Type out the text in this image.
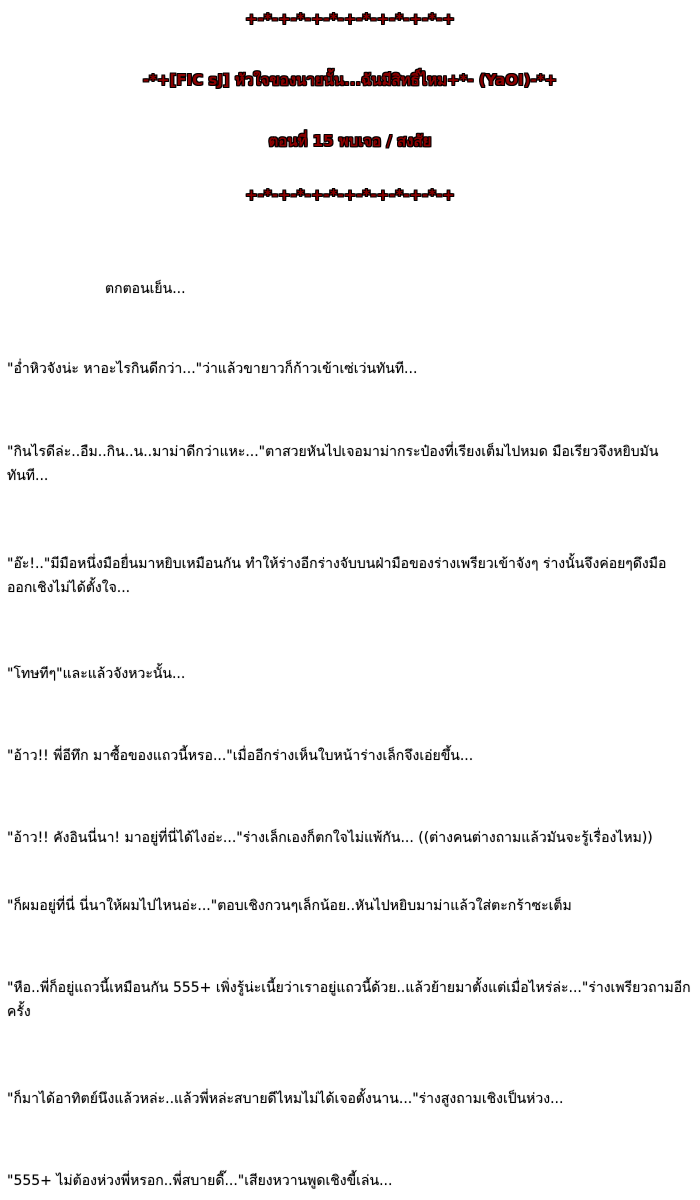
+-*-+-*-+-*-+-*-+-*-+-*-+
-*+[FIC sJ] หัวใจของนายนั้น...ฉันมีสิทธิ์ไหม+*- (YaOI)-*+
ตอนที่ 15 พบเจอ / สงสัย
+-*-+-*-+-*-+-*-+-*-+-*-+
ตกตอนเย็น...
"อ่ำหิวจังน่ะ หาอะไรกินดีกว่า..."ว่าแล้วขายาวก็ก้าวเข้าเซ่เว่นทันที...
"กินไรดีล่ะ..อืม..กิน..น..มาม่าดีกว่าแหะ..."ตาสวยหันไปเจอมาม่ากระป๋องที่เรียงเต็มไปหมด มือเรียวจึงหยิบมันทันที...
"อ๊ะ!.."มีมือหนึ่งมือยื่นมาหยิบเหมือนกัน ทำให้ร่างอีกร่างจับบนฝ่ามือของร่างเพรียวเข้าจังๆ ร่างนั้นจึงค่อยๆดึงมือออกเชิงไม่ได้ตั้งใจ...
"โทษทีๆ"และแล้วจังหวะนั้น...
"อ้าว!! พี่อีทึก มาซื้อของแถวนี้หรอ..."เมื่ออีกร่างเห็นใบหน้าร่างเล็กจึงเอ่ยขึ้น...
"อ้าว!! คังอินนี่นา! มาอยู่ที่นี่ได้ไงอ่ะ..."ร่างเล็กเองก็ตกใจไม่แพ้กัน... ((ต่างคนต่างถามแล้วมันจะรู้เรื่องไหม))
"ก็ผมอยู่ที่นี่ นี่นาให้ผมไปไหนอ่ะ..."ตอบเชิงกวนๆเล็กน้อย..หันไปหยิบมาม่าแล้วใส่ตะกร้าซะเต็ม
"หือ..พี่ก็อยู่แถวนี้เหมือนกัน 555+ เพิ่งรู้น่ะเนี้ยว่าเราอยู่แถวนี้ด้วย..แล้วย้ายมาตั้งแต่เมื่อไหร่ล่ะ..."ร่างเพรียวถามอีกครั้ง
"ก็มาได้อาทิตย์นึงแล้วหล่ะ..แล้วพี่หล่ะสบายดีไหมไม่ได้เจอตั้งนาน..."ร่างสูงถามเชิงเป็นห่วง...
"555+ ไม่ต้องห่วงพี่หรอก..พี่สบายดี๊..."เสียงหวานพูดเชิงขี้เล่น...
